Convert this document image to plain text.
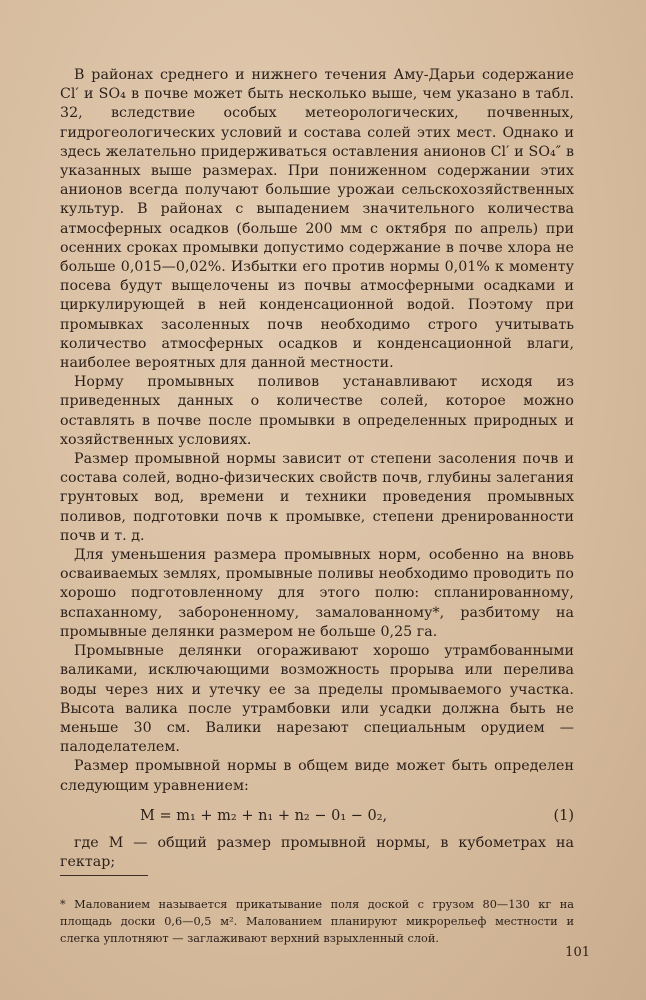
В районах среднего и нижнего течения Аму-Дарьи содержание Cl′ и SO₄ в почве может быть несколько выше, чем указано в табл. 32, вследствие особых метеорологических, почвенных, гидрогеологических условий и состава солей этих мест. Однако и здесь желательно придерживаться оставления анионов Cl′ и SO₄″ в указанных выше размерах. При пониженном содержании этих анионов всегда получают большие урожаи сельскохозяйственных культур. В районах с выпадением значительного количества атмосферных осадков (больше 200 мм с октября по апрель) при осенних сроках промывки допустимо содержание в почве хлора не больше 0,015—0,02%. Избытки его против нормы 0,01% к моменту посева будут выщелочены из почвы атмосферными осадками и циркулирующей в ней конденсационной водой. Поэтому при промывках засоленных почв необходимо строго учитывать количество атмосферных осадков и конденсационной влаги, наиболее вероятных для данной местности.

Норму промывных поливов устанавливают исходя из приведенных данных о количестве солей, которое можно оставлять в почве после промывки в определенных природных и хозяйственных условиях.

Размер промывной нормы зависит от степени засоления почв и состава солей, водно-физических свойств почв, глубины залегания грунтовых вод, времени и техники проведения промывных поливов, подготовки почв к промывке, степени дренированности почв и т. д.

Для уменьшения размера промывных норм, особенно на вновь осваиваемых землях, промывные поливы необходимо проводить по хорошо подготовленному для этого полю: спланированному, вспаханному, забороненному, замалованному*, разбитому на промывные делянки размером не больше 0,25 га.

Промывные делянки огораживают хорошо утрамбованными валиками, исключающими возможность прорыва или перелива воды через них и утечку ее за пределы промываемого участка. Высота валика после утрамбовки или усадки должна быть не меньше 30 см. Валики нарезают специальным орудием — палоделателем.

Размер промывной нормы в общем виде может быть определен следующим уравнением:

M = m₁ + m₂ + n₁ + n₂ − 0₁ − 0₂,	(1)

где M — общий размер промывной нормы, в кубометрах на гектар;

* Малованием называется прикатывание поля доской с грузом 80—130 кг на площадь доски 0,6—0,5 м². Малованием планируют микрорельеф местности и слегка уплотняют — заглаживают верхний взрыхленный слой.

101
